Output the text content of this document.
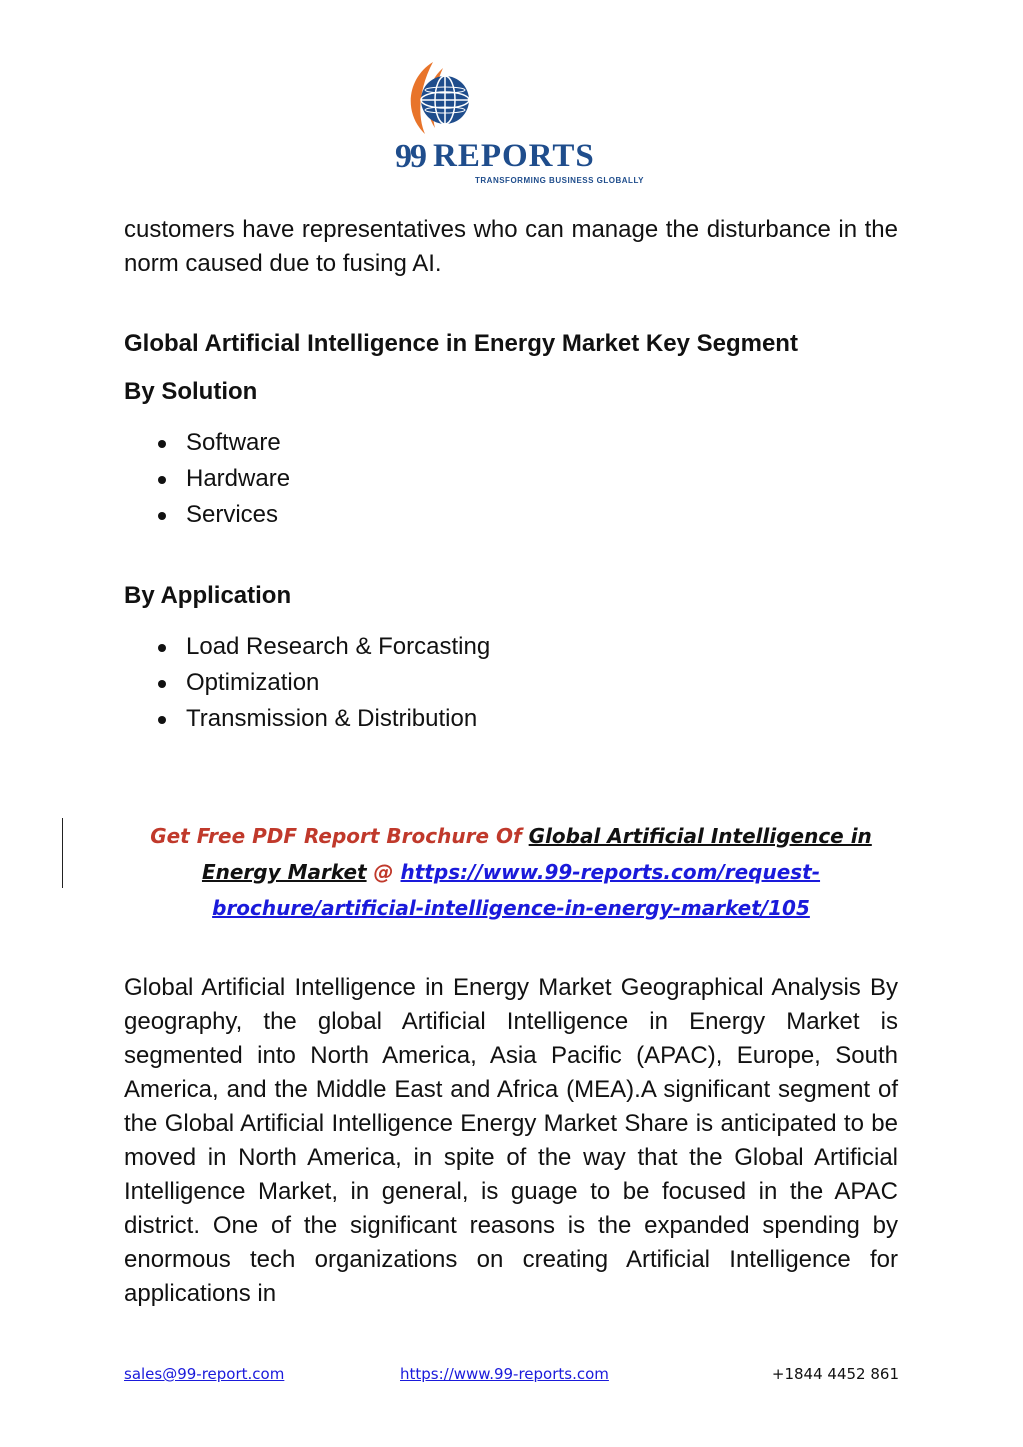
99 REPORTS
TRANSFORMING BUSINESS GLOBALLY

customers have representatives who can manage the disturbance in the norm caused due to fusing AI.

Global Artificial Intelligence in Energy Market Key Segment
By Solution
Software
Hardware
Services
By Application
Load Research & Forcasting
Optimization
Transmission & Distribution
Get Free PDF Report Brochure Of Global Artificial Intelligence in
Energy Market @ https://www.99-reports.com/request-
brochure/artificial-intelligence-in-energy-market/105

Global Artificial Intelligence in Energy Market Geographical Analysis By geography, the global Artificial Intelligence in Energy Market is segmented into North America, Asia Pacific (APAC), Europe, South America, and the Middle East and Africa (MEA).A significant segment of the Global Artificial Intelligence Energy Market Share is anticipated to be moved in North America, in spite of the way that the Global Artificial Intelligence Market, in general, is guage to be focused in the APAC district. One of the significant reasons is the expanded spending by enormous tech organizations on creating Artificial Intelligence for applications in

sales@99-report.com	https://www.99-reports.com	+1844 4452 861
